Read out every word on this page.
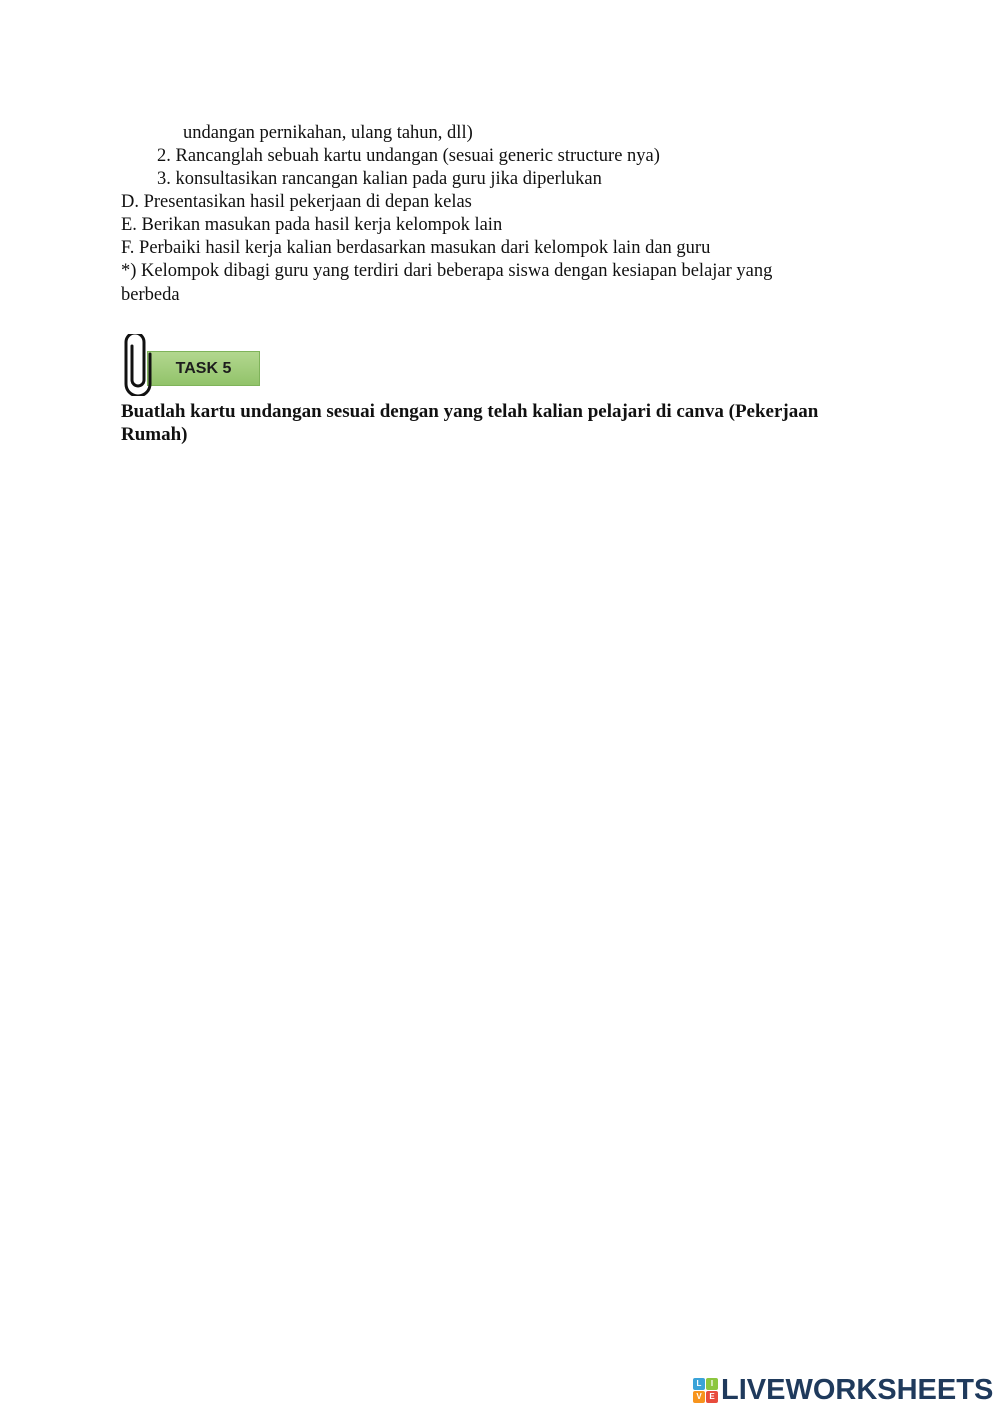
undangan pernikahan, ulang tahun, dll)
2. Rancanglah sebuah kartu undangan (sesuai generic structure nya)
3. konsultasikan rancangan kalian pada guru jika diperlukan
D. Presentasikan hasil pekerjaan di depan kelas
E. Berikan masukan pada hasil kerja kelompok lain
F. Perbaiki hasil kerja kalian berdasarkan masukan dari kelompok lain dan guru
*) Kelompok dibagi guru yang terdiri dari beberapa siswa dengan kesiapan belajar yang
berbeda
TASK 5
Buatlah kartu undangan sesuai dengan yang telah kalian pelajari di canva (Pekerjaan Rumah)
L	I
V E LIVEWORKSHEETS
